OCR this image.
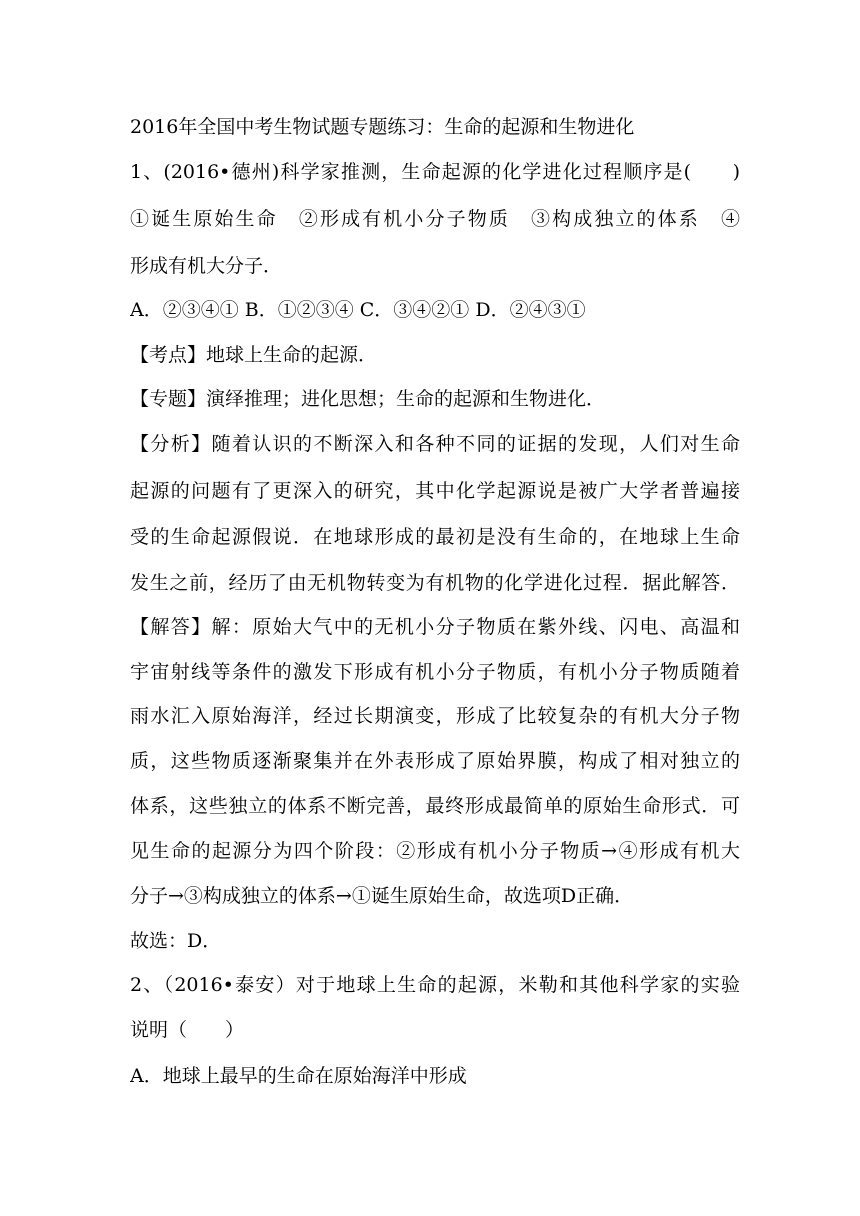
2016年全国中考生物试题专题练习：生命的起源和生物进化
1、(2016•德州)科学家推测，生命起源的化学进化过程顺序是(　　)
①诞生原始生命　②形成有机小分子物质　③构成独立的体系　④
形成有机大分子．
A．②③④① B．①②③④ C．③④②① D．②④③①
【考点】地球上生命的起源．
【专题】演绎推理；进化思想；生命的起源和生物进化．
【分析】随着认识的不断深入和各种不同的证据的发现，人们对生命
起源的问题有了更深入的研究，其中化学起源说是被广大学者普遍接
受的生命起源假说．在地球形成的最初是没有生命的，在地球上生命
发生之前，经历了由无机物转变为有机物的化学进化过程．据此解答．
【解答】解：原始大气中的无机小分子物质在紫外线、闪电、高温和
宇宙射线等条件的激发下形成有机小分子物质，有机小分子物质随着
雨水汇入原始海洋，经过长期演变，形成了比较复杂的有机大分子物
质，这些物质逐渐聚集并在外表形成了原始界膜，构成了相对独立的
体系，这些独立的体系不断完善，最终形成最简单的原始生命形式．可
见生命的起源分为四个阶段：②形成有机小分子物质→④形成有机大
分子→③构成独立的体系→①诞生原始生命，故选项D正确．
故选：D．
2、（2016•泰安）对于地球上生命的起源，米勒和其他科学家的实验
说明（　　）
A．地球上最早的生命在原始海洋中形成
